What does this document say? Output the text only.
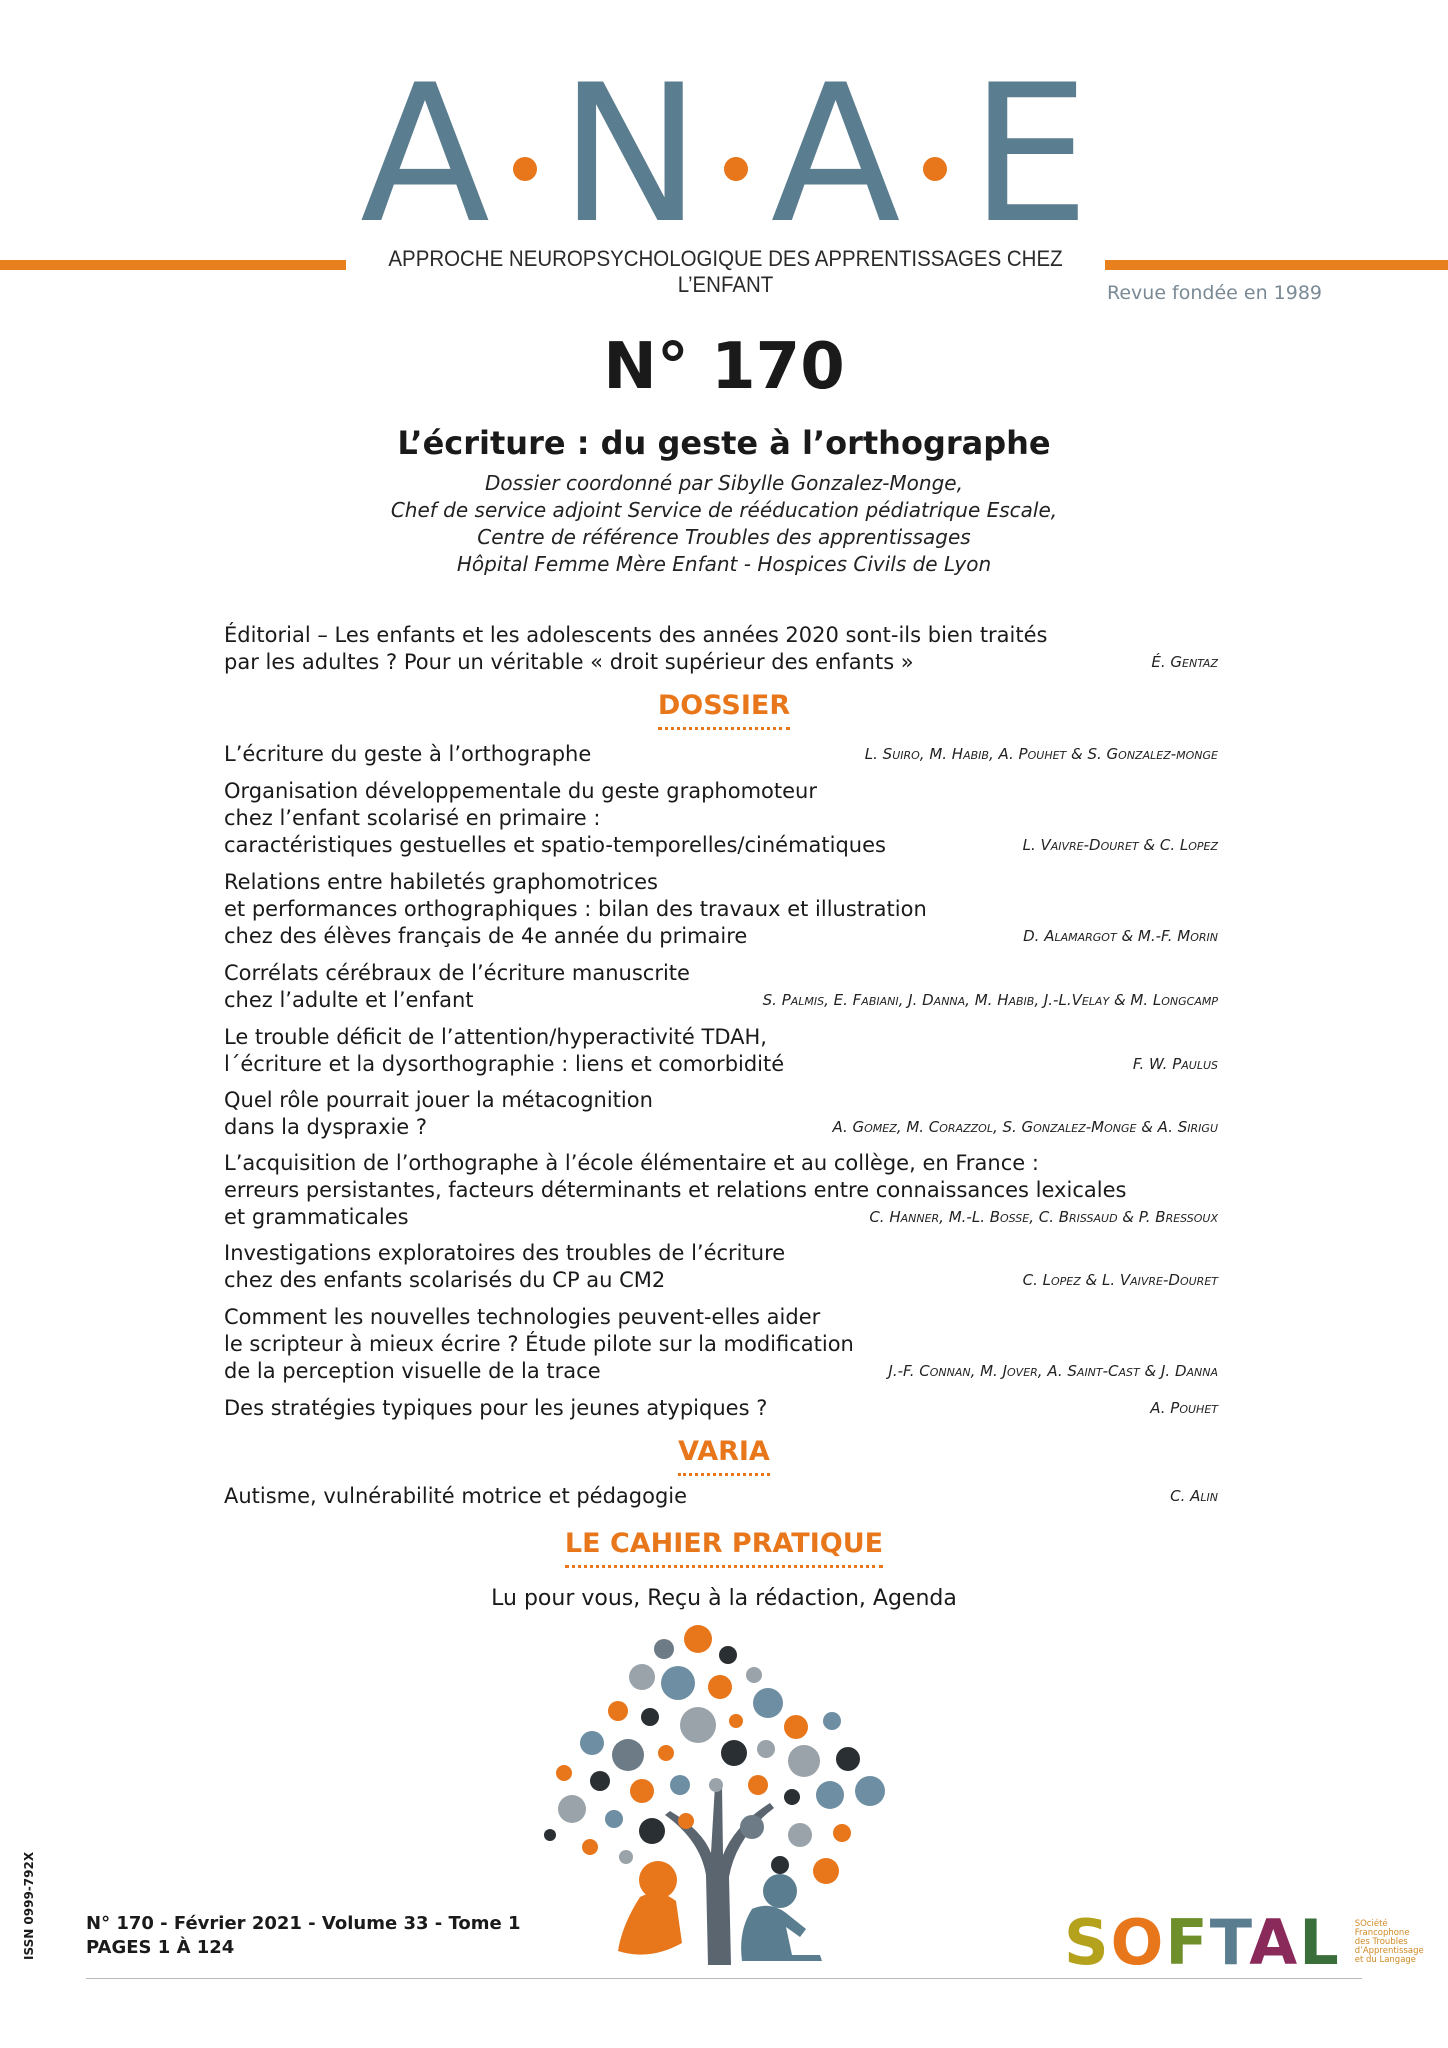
A N A E
APPROCHE NEUROPSYCHOLOGIQUE DES APPRENTISSAGES CHEZ L’ENFANT	Revue fondée en 1989
N° 170
L’écriture : du geste à l’orthographe
Dossier coordonné par Sibylle Gonzalez-Monge,
Chef de service adjoint Service de rééducation pédiatrique Escale,
Centre de référence Troubles des apprentissages
Hôpital Femme Mère Enfant - Hospices Civils de Lyon
Éditorial – Les enfants et les adolescents des années 2020 sont-ils bien traités
par les adultes ? Pour un véritable « droit supérieur des enfants »	É. Gentaz
DOSSIER
L’écriture du geste à l’orthographe	L. Suiro, M. Habib, A. Pouhet & S. Gonzalez-monge
Organisation développementale du geste graphomoteur
chez l’enfant scolarisé en primaire :
caractéristiques gestuelles et spatio-temporelles/cinématiques	L. Vaivre-Douret & C. Lopez
Relations entre habiletés graphomotrices
et performances orthographiques : bilan des travaux et illustration
chez des élèves français de 4e année du primaire	D. Alamargot & M.-F. Morin
Corrélats cérébraux de l’écriture manuscrite
chez l’adulte et l’enfant	S. Palmis, E. Fabiani, J. Danna, M. Habib, J.-L.Velay & M. Longcamp
Le trouble déficit de l’attention/hyperactivité TDAH,
l´écriture et la dysorthographie : liens et comorbidité	F. W. Paulus
Quel rôle pourrait jouer la métacognition
dans la dyspraxie ?	A. Gomez, M. Corazzol, S. Gonzalez-Monge & A. Sirigu
L’acquisition de l’orthographe à l’école élémentaire et au collège, en France :
erreurs persistantes, facteurs déterminants et relations entre connaissances lexicales
et grammaticales	C. Hanner, M.-L. Bosse, C. Brissaud & P. Bressoux
Investigations exploratoires des troubles de l’écriture
chez des enfants scolarisés du CP au CM2	C. Lopez & L. Vaivre-Douret
Comment les nouvelles technologies peuvent-elles aider
le scripteur à mieux écrire ? Étude pilote sur la modification
de la perception visuelle de la trace	J.-F. Connan, M. Jover, A. Saint-Cast & J. Danna
Des stratégies typiques pour les jeunes atypiques ?	A. Pouhet
VARIA
Autisme, vulnérabilité motrice et pédagogie	C. Alin
LE CAHIER PRATIQUE
Lu pour vous, Reçu à la rédaction, Agenda
ISSN 0999-792X	N° 170 - Février 2021 - Volume 33 - Tome 1
PAGES 1 À 124	SOFTAL SOciété
Francophone
des Troubles
d’Apprentissage
et du Langage
